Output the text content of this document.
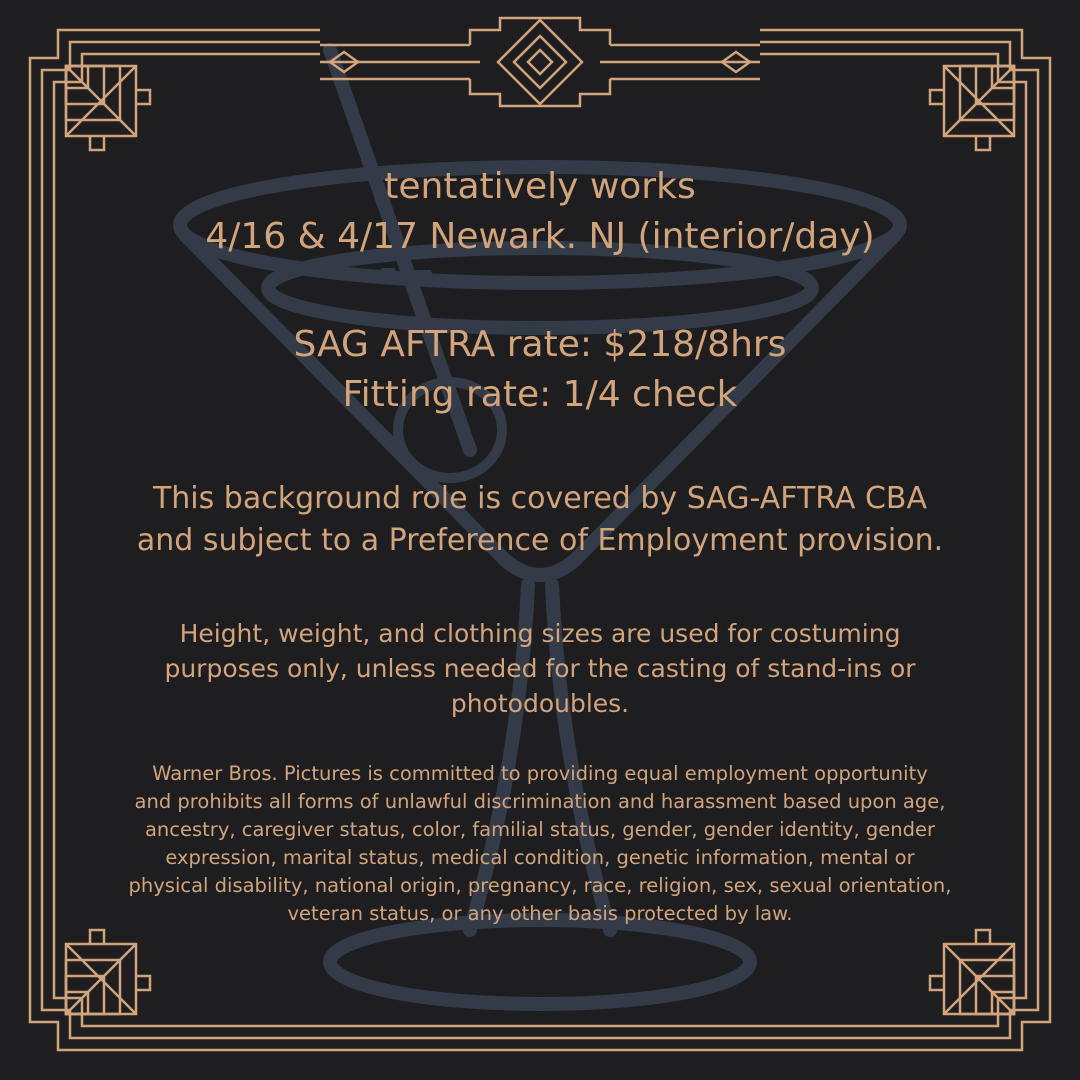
tentatively works
4/16 & 4/17 Newark. NJ (interior/day)

SAG AFTRA rate: $218/8hrs
Fitting rate: 1/4 check

This background role is covered by SAG-AFTRA CBA
and subject to a Preference of Employment provision.

Height, weight, and clothing sizes are used for costuming
purposes only, unless needed for the casting of stand-ins or
photodoubles.

Warner Bros. Pictures is committed to providing equal employment opportunity
and prohibits all forms of unlawful discrimination and harassment based upon age,
ancestry, caregiver status, color, familial status, gender, gender identity, gender
expression, marital status, medical condition, genetic information, mental or
physical disability, national origin, pregnancy, race, religion, sex, sexual orientation,
veteran status, or any other basis protected by law.
